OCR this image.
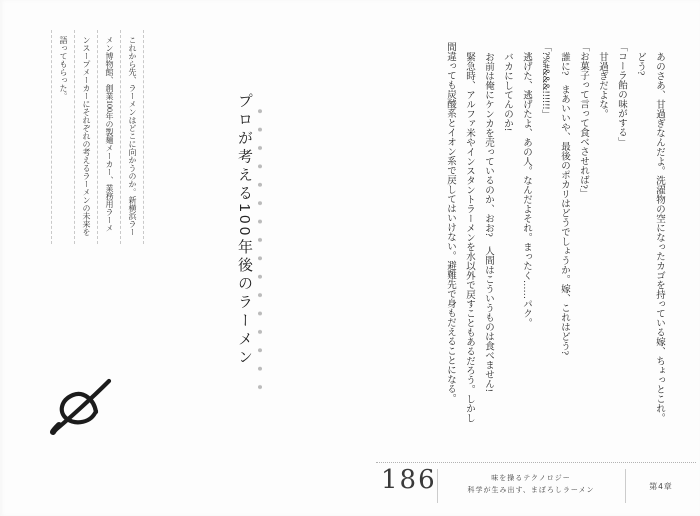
これから先、ラーメンはどこに向かうのか。新横浜ラーメン博物館、創業100年の製麺メーカー、業務用ラーメンスープメーカーにそれぞれの考えるラーメンの未来を語ってもらった。
プロが考える100年後のラーメン	あのさあ、甘過ぎなんだよ。洗濯物の空になったカゴを持っている嫁、ちょっとこれ。

どう?

「コーラ飴の味がする」

甘過ぎだよな。

「お菓子って言って食べさせれば?」

誰に?　まあいいや、最後のポカリはどうでしょうか。嫁、これはどう?

「?%#&&&!!!!!!」

逃げた、逃げたよ、あの人。なんだよそれ。まったく……パク。

バカにしてんのか!

お前は俺にケンカを売っているのか、おお?　人間はこういうものは食べません!

緊急時、アルファ米やインスタントラーメンを水以外で戻すこともあるだろう。しかし間違っても炭酸系とイオン系で戻してはいけない。避難先で身もだえることになる。

186	味を操るテクノロジー
科学が生み出す、まぼろしラーメン	第4章
